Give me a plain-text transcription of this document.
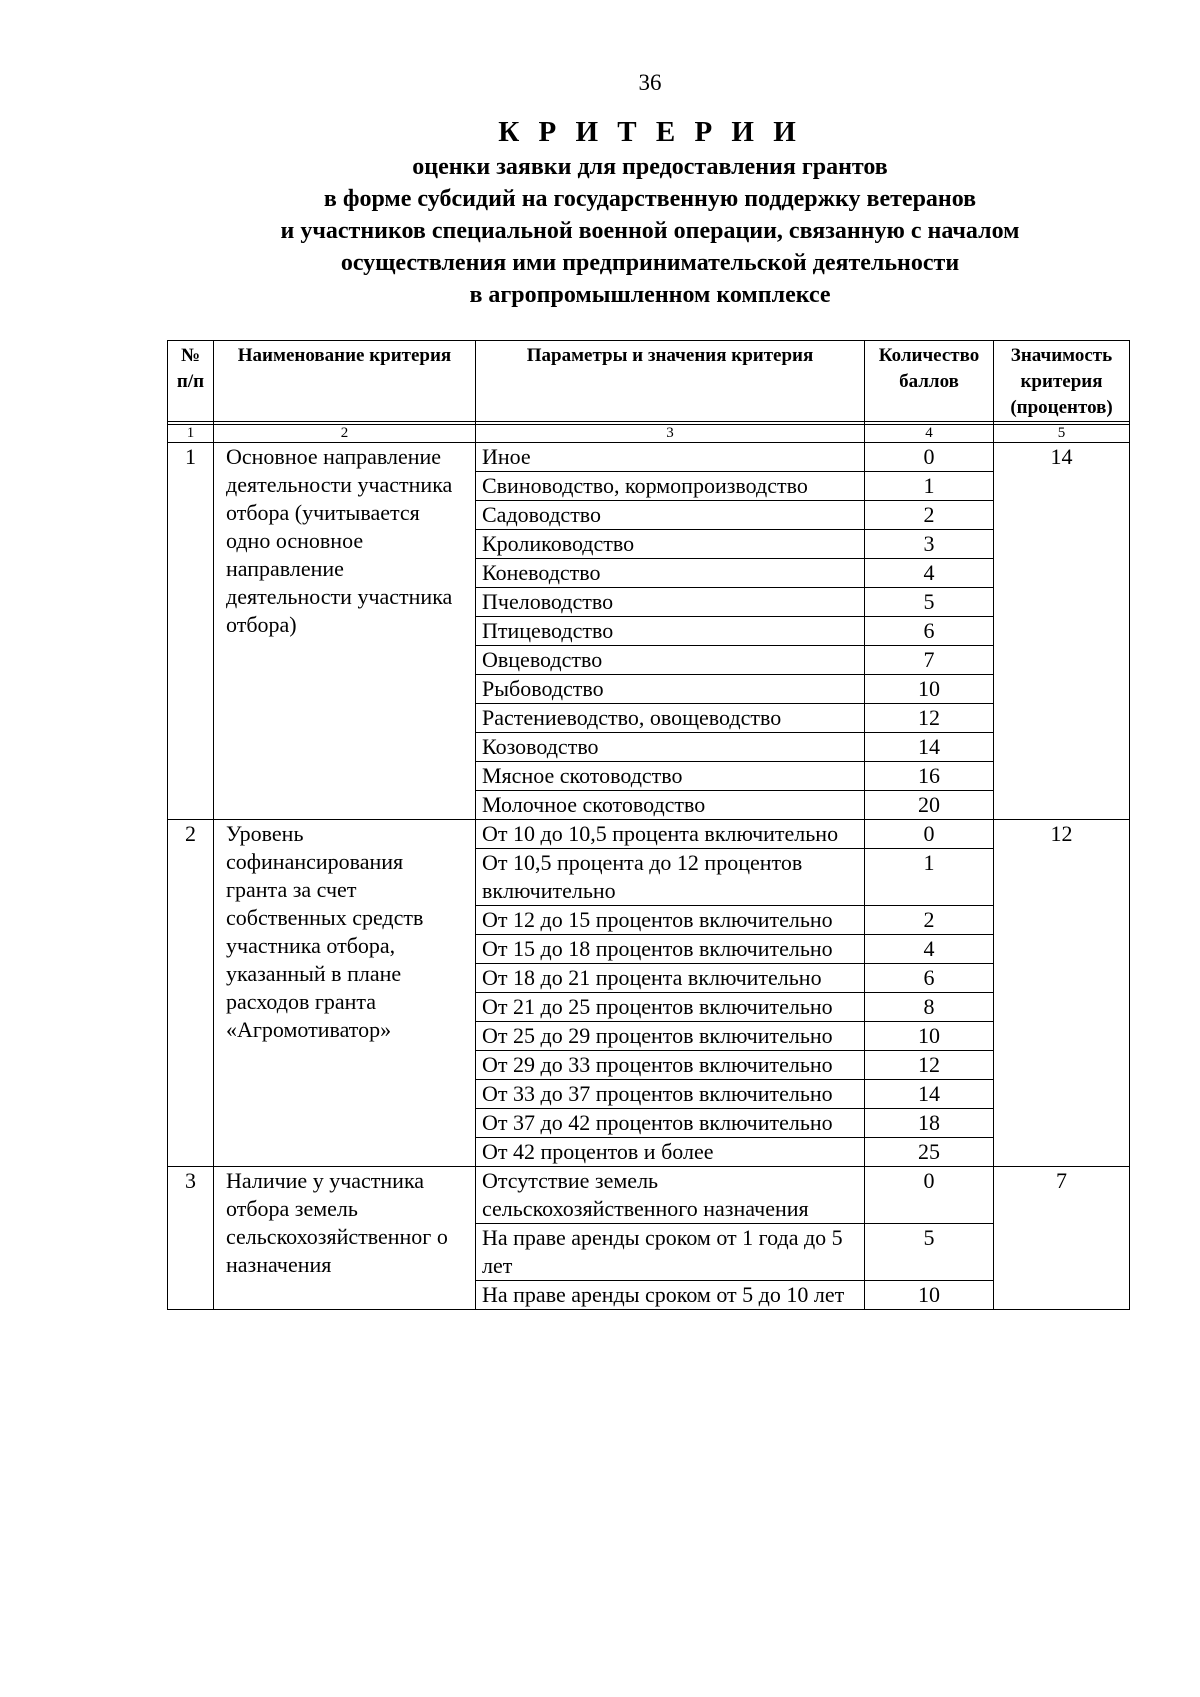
36
К Р И Т Е Р И И
оценки заявки для предоставления грантов
в форме субсидий на государственную поддержку ветеранов
и участников специальной военной операции, связанную с началом
осуществления ими предпринимательской деятельности
в агропромышленном комплексе
№ п/п	Наименование критерия	Параметры и значения критерия	Количество баллов	Значимость критерия (процентов)

1	2	3	4	5
1	Основное направление деятельности участника отбора (учитывается одно основное направление деятельности участника отбора)	Иное	0	14
		Свиноводство, кормопроизводство	1	
		Садоводство	2	
		Кролиководство	3	
		Коневодство	4	
		Пчеловодство	5	
		Птицеводство	6	
		Овцеводство	7	
		Рыбоводство	10	
		Растениеводство, овощеводство	12	
		Козоводство	14	
		Мясное скотоводство	16	
		Молочное скотоводство	20	
2	Уровень софинансирования гранта за счет собственных средств участника отбора, указанный в плане расходов гранта «Агромотиватор»	От 10 до 10,5 процента включительно	0	12
		От 10,5 процента до 12 процентов включительно	1	
		От 12 до 15 процентов включительно	2	
		От 15 до 18 процентов включительно	4	
		От 18 до 21 процента включительно	6	
		От 21 до 25 процентов включительно	8	
		От 25 до 29 процентов включительно	10	
		От 29 до 33 процентов включительно	12	
		От 33 до 37 процентов включительно	14	
		От 37 до 42 процентов включительно	18	
		От 42 процентов и более	25	
3	Наличие у участника отбора земель сельскохозяйственног о назначения	Отсутствие земель сельскохозяйственного назначения	0	7
		На праве аренды сроком от 1 года до 5 лет	5	
		На праве аренды сроком от 5 до 10 лет	10	
